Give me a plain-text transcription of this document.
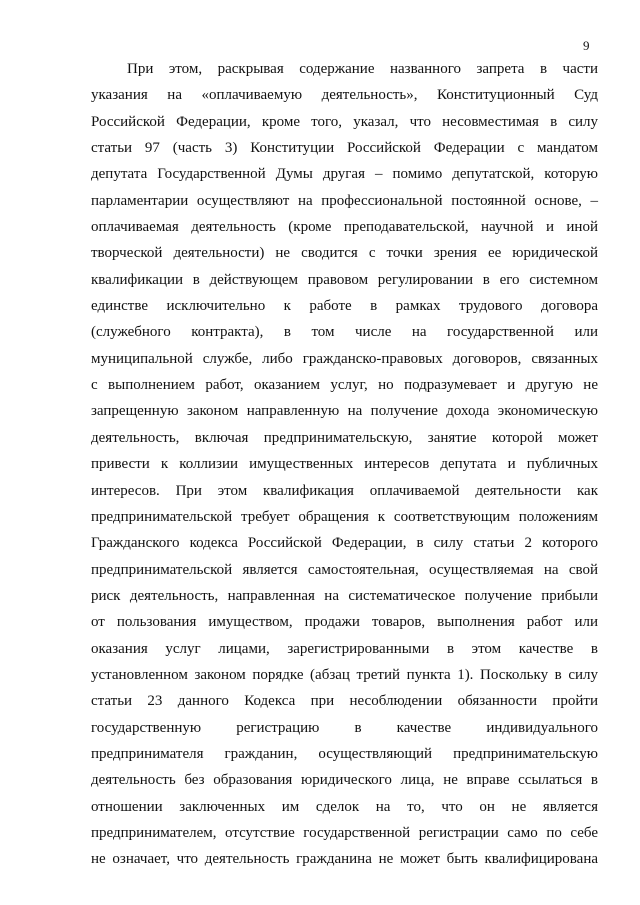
9
При этом, раскрывая содержание названного запрета в части
указания на «оплачиваемую деятельность», Конституционный Суд
Российской Федерации, кроме того, указал, что несовместимая в силу
статьи 97 (часть 3) Конституции Российской Федерации с мандатом
депутата Государственной Думы другая – помимо депутатской, которую
парламентарии осуществляют на профессиональной постоянной основе, –
оплачиваемая деятельность (кроме преподавательской, научной и иной
творческой деятельности) не сводится с точки зрения ее юридической
квалификации в действующем правовом регулировании в его системном
единстве исключительно к работе в рамках трудового договора
(служебного контракта), в том числе на государственной или
муниципальной службе, либо гражданско-правовых договоров, связанных
с выполнением работ, оказанием услуг, но подразумевает и другую не
запрещенную законом направленную на получение дохода экономическую
деятельность, включая предпринимательскую, занятие которой может
привести к коллизии имущественных интересов депутата и публичных
интересов. При этом квалификация оплачиваемой деятельности как
предпринимательской требует обращения к соответствующим положениям
Гражданского кодекса Российской Федерации, в силу статьи 2 которого
предпринимательской является самостоятельная, осуществляемая на свой
риск деятельность, направленная на систематическое получение прибыли
от пользования имуществом, продажи товаров, выполнения работ или
оказания услуг лицами, зарегистрированными в этом качестве в
установленном законом порядке (абзац третий пункта 1). Поскольку в силу
статьи 23 данного Кодекса при несоблюдении обязанности пройти
государственную регистрацию в качестве индивидуального
предпринимателя гражданин, осуществляющий предпринимательскую
деятельность без образования юридического лица, не вправе ссылаться в
отношении заключенных им сделок на то, что он не является
предпринимателем, отсутствие государственной регистрации само по себе
не означает, что деятельность гражданина не может быть квалифицирована
